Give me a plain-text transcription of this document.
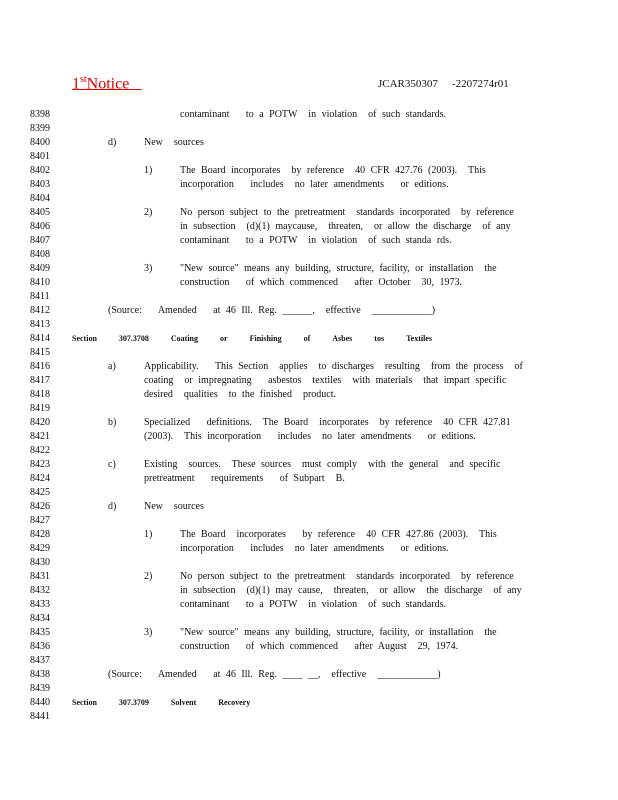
1stNotice	JCAR350307 -2207274r01
8398	contaminant   to a POTW  in violation  of such standards.
8399
8400	d)	New  sources
8401
8402	1)	The Board incorporates  by reference  40 CFR 427.76 (2003).  This
8403	incorporation   includes  no later amendments   or editions.
8404
8405	2)	No person subject to the pretreatment  standards incorporated  by reference
8406	in subsection  (d)(1) maycause,  threaten,  or allow the discharge  of any
8407	contaminant   to a POTW  in violation  of such standa rds.
8408
8409	3)	"New source" means any building, structure, facility, or installation  the
8410	construction   of which commenced   after October  30, 1973.
8411
8412	(Source:   Amended   at 46 Ill. Reg. ______,  effective  ____________)
8413
8414	Section	307.3708	Coating	or	Finishing	of	Asbes	tos	Textiles
8415
8416	a)	Applicability.   This Section  applies  to discharges  resulting  from the process  of
8417	coating  or impregnating   asbestos  textiles  with materials  that impart specific
8418	desired  qualities  to the finished  product.
8419
8420	b)	Specialized   definitions.  The Board  incorporates  by reference  40 CFR 427.81
8421	(2003).  This incorporation   includes  no later amendments   or editions.
8422
8423	c)	Existing  sources.  These sources  must comply  with the general  and specific
8424	pretreatment   requirements   of Subpart  B.
8425
8426	d)	New  sources
8427
8428	1)	The Board  incorporates   by reference  40 CFR 427.86 (2003).  This
8429	incorporation   includes  no later amendments   or editions.
8430
8431	2)	No person subject to the pretreatment  standards incorporated  by reference
8432	in subsection  (d)(1) may cause,  threaten,  or allow  the discharge  of any
8433	contaminant   to a POTW  in violation  of such standards.
8434
8435	3)	"New source" means any building, structure, facility, or installation  the
8436	construction   of which commenced   after August  29, 1974.
8437
8438	(Source:   Amended   at 46 Ill. Reg. ____ __,  effective  ____________)
8439
8440	Section	307.3709	Solvent	Recovery
8441
